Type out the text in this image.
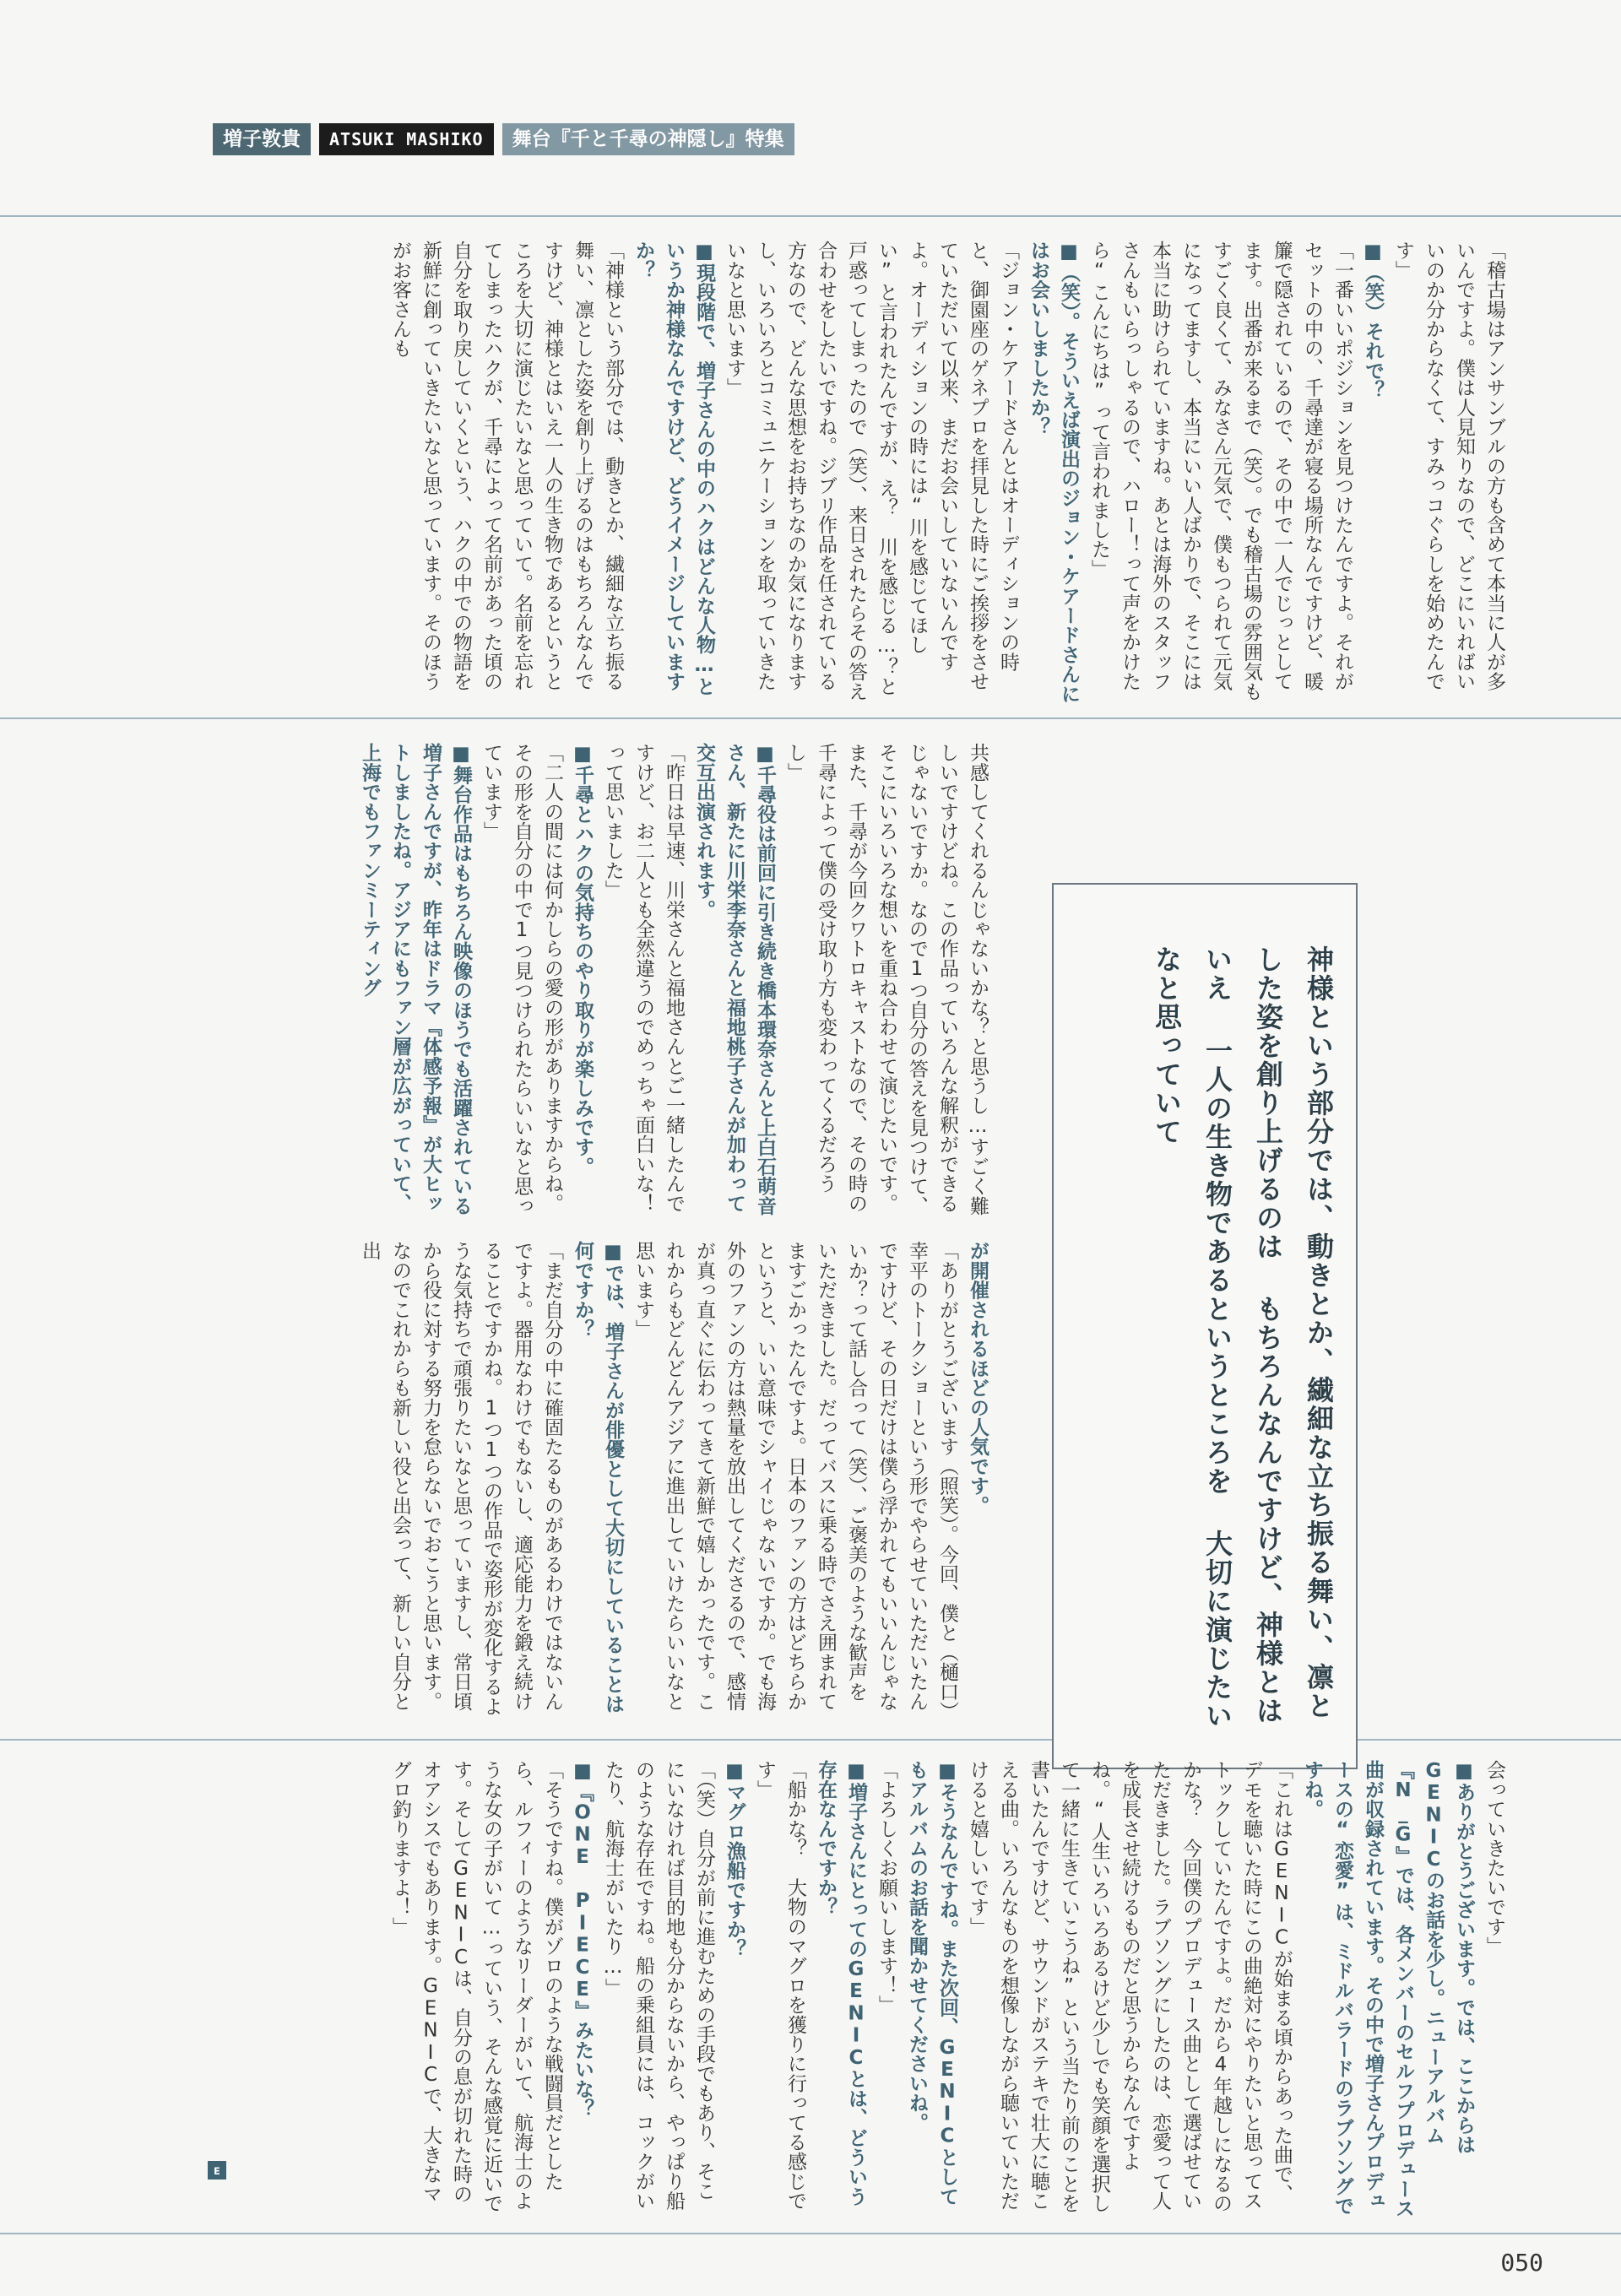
増子敦貴	ATSUKI MASHIKO	舞台『千と千尋の神隠し』特集

「稽古場はアンサンブルの方も含めて本当に人が多いんですよ。僕は人見知りなので、どこにいればいいのか分からなくて、すみっコぐらしを始めたんです」

■（笑）それで？

「一番いいポジションを見つけたんですよ。それがセットの中の、千尋達が寝る場所なんですけど、暖簾で隠されているので、その中で一人でじっとしてます。出番が来るまで（笑）。でも稽古場の雰囲気もすごく良くて、みなさん元気で、僕もつられて元気になってますし、本当にいい人ばかりで、そこには本当に助けられていますね。あとは海外のスタッフさんもいらっしゃるので、ハロー！って声をかけたら“こんにちは”って言われました」

■（笑）。そういえば演出のジョン・ケアードさんにはお会いしましたか？

「ジョン・ケアードさんとはオーディションの時と、御園座のゲネプロを拝見した時にご挨拶をさせていただいて以来、まだお会いしていないんですよ。オーディションの時には“川を感じてほしい”と言われたんですが、え？　川を感じる…？と戸惑ってしまったので（笑）、来日されたらその答え合わせをしたいですね。ジブリ作品を任されている方なので、どんな思想をお持ちなのか気になりますし、いろいろとコミュニケーションを取っていきたいなと思います」

■現段階で、増子さんの中のハクはどんな人物…というか神様なんですけど、どうイメージしていますか？

「神様という部分では、動きとか、繊細な立ち振る舞い、凛とした姿を創り上げるのはもちろんなんですけど、神様とはいえ一人の生き物であるというところを大切に演じたいなと思っていて。名前を忘れてしまったハクが、千尋によって名前があった頃の自分を取り戻していくという、ハクの中での物語を新鮮に創っていきたいなと思っています。そのほうがお客さんも

共感してくれるんじゃないかな？と思うし…すごく難しいですけどね。この作品っていろんな解釈ができるじゃないですか。なので1つ自分の答えを見つけて、そこにいろいろな想いを重ね合わせて演じたいです。また、千尋が今回クワトロキャストなので、その時の千尋によって僕の受け取り方も変わってくるだろうし」

■千尋役は前回に引き続き橋本環奈さんと上白石萌音さん、新たに川栄李奈さんと福地桃子さんが加わって交互出演されます。

「昨日は早速、川栄さんと福地さんとご一緒したんですけど、お二人とも全然違うのでめっちゃ面白いな！って思いました」

■千尋とハクの気持ちのやり取りが楽しみです。

「二人の間には何かしらの愛の形がありますからね。その形を自分の中で1つ見つけられたらいいなと思っています」

■舞台作品はもちろん映像のほうでも活躍されている増子さんですが、昨年はドラマ『体感予報』が大ヒットしましたね。アジアにもファン層が広がっていて、上海でもファンミーティング

が開催されるほどの人気です。

「ありがとうございます（照笑）。今回、僕と（樋口）幸平のトークショーという形でやらせていただいたんですけど、その日だけは僕ら浮かれてもいいんじゃないか？って話し合って（笑）、ご褒美のような歓声をいただきました。だってバスに乗る時でさえ囲まれてますごかったんですよ。日本のファンの方はどちらかというと、いい意味でシャイじゃないですか。でも海外のファンの方は熱量を放出してくださるので、感情が真っ直ぐに伝わってきて新鮮で嬉しかったです。これからもどんどんアジアに進出していけたらいいなと思います」

■では、増子さんが俳優として大切にしていることは何ですか？

「まだ自分の中に確固たるものがあるわけではないんですよ。器用なわけでもないし、適応能力を鍛え続けることですかね。1つ1つの作品で姿形が変化するような気持ちで頑張りたいなと思っていますし、常日頃から役に対する努力を怠らないでおこうと思います。なのでこれからも新しい役と出会って、新しい自分と出	神様という部分では、動きとか、繊細な立ち振る舞い、凛とした姿を創り上げるのは もちろんなんですけど、神様とはいえ 一人の生き物であるというところを 大切に演じたいなと思っていて

会っていきたいです」

■ありがとうございます。では、ここからはGENICのお話を少し。ニューアルバム『N_G』では、各メンバーのセルフプロデュース曲が収録されています。その中で増子さんプロデュースの“恋愛”は、ミドルバラードのラブソングですね。

「これはGENICが始まる頃からあった曲で、デモを聴いた時にこの曲絶対にやりたいと思ってストックしていたんですよ。だから4年越しになるのかな？　今回僕のプロデュース曲として選ばせていただきました。ラブソングにしたのは、恋愛って人を成長させ続けるものだと思うからなんですよね。“人生いろいろあるけど少しでも笑顔を選択して一緒に生きていこうね”という当たり前のことを書いたんですけど、サウンドがステキで壮大に聴こえる曲。いろんなものを想像しながら聴いていただけると嬉しいです」

■そうなんですね。また次回、GENICとしてもアルバムのお話を聞かせてくださいね。

「よろしくお願いします！」

■増子さんにとってのGENICとは、どういう存在なんですか？

「船かな？　大物のマグロを獲りに行ってる感じです」

■マグロ漁船ですか？

「（笑）自分が前に進むための手段でもあり、そこにいなければ目的地も分からないから、やっぱり船のような存在ですね。船の乗組員には、コックがいたり、航海士がいたり…」

■『ONE PIECE』みたいな？

「そうですね。僕がゾロのような戦闘員だとしたら、ルフィーのようなリーダーがいて、航海士のような女の子がいて…っていう、そんな感覚に近いです。そしてGENICは、自分の息が切れた時のオアシスでもあります。GENICで、大きなマグロ釣りますよ！」

ᴇ
050
